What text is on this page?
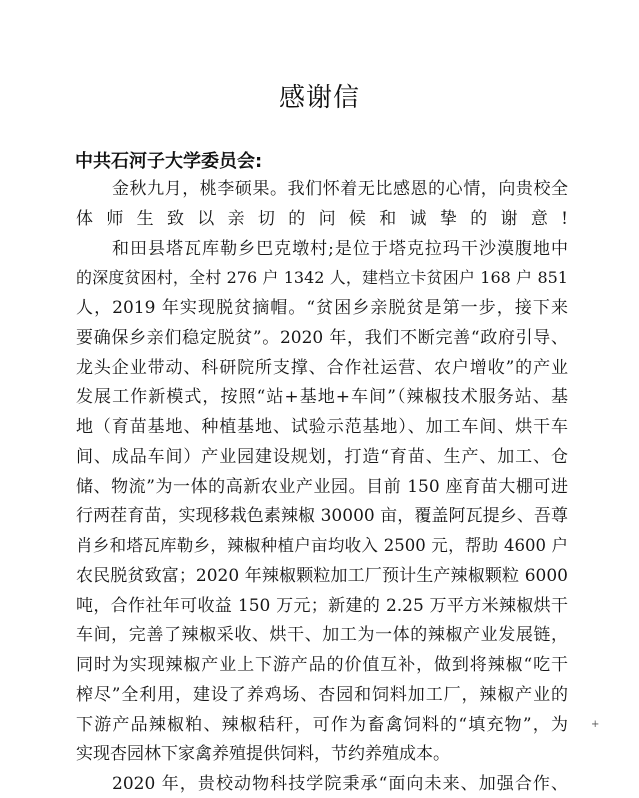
感谢信
中共石河子大学委员会:
金秋九月，桃李硕果。我们怀着无比感恩的心情，向贵校全
体师生致以亲切的问候和诚挚的谢意!
和田县塔瓦库勒乡巴克墩村;是位于塔克拉玛干沙漠腹地中
的深度贫困村，全村 276 户 1342 人，建档立卡贫困户 168 户 851
人，2019 年实现脱贫摘帽。“贫困乡亲脱贫是第一步，接下来
要确保乡亲们稳定脱贫”。2020 年，我们不断完善“政府引导、
龙头企业带动、科研院所支撑、合作社运营、农户增收”的产业
发展工作新模式，按照“站+基地+车间”（辣椒技术服务站、基
地（育苗基地、种植基地、试验示范基地）、加工车间、烘干车
间、成品车间）产业园建设规划，打造“育苗、生产、加工、仓
储、物流”为一体的高新农业产业园。目前 150 座育苗大棚可进
行两茬育苗，实现移栽色素辣椒 30000 亩，覆盖阿瓦提乡、吾尊
肖乡和塔瓦库勒乡，辣椒种植户亩均收入 2500 元，帮助 4600 户
农民脱贫致富；2020 年辣椒颗粒加工厂预计生产辣椒颗粒 6000
吨，合作社年可收益 150 万元；新建的 2.25 万平方米辣椒烘干
车间，完善了辣椒采收、烘干、加工为一体的辣椒产业发展链，
同时为实现辣椒产业上下游产品的价值互补，做到将辣椒“吃干
榨尽”全利用，建设了养鸡场、杏园和饲料加工厂，辣椒产业的
下游产品辣椒粕、辣椒秸秆，可作为畜禽饲料的“填充物”，为
实现杏园林下家禽养殖提供饲料，节约养殖成本。
2020 年，贵校动物科技学院秉承“面向未来、加强合作、
+
